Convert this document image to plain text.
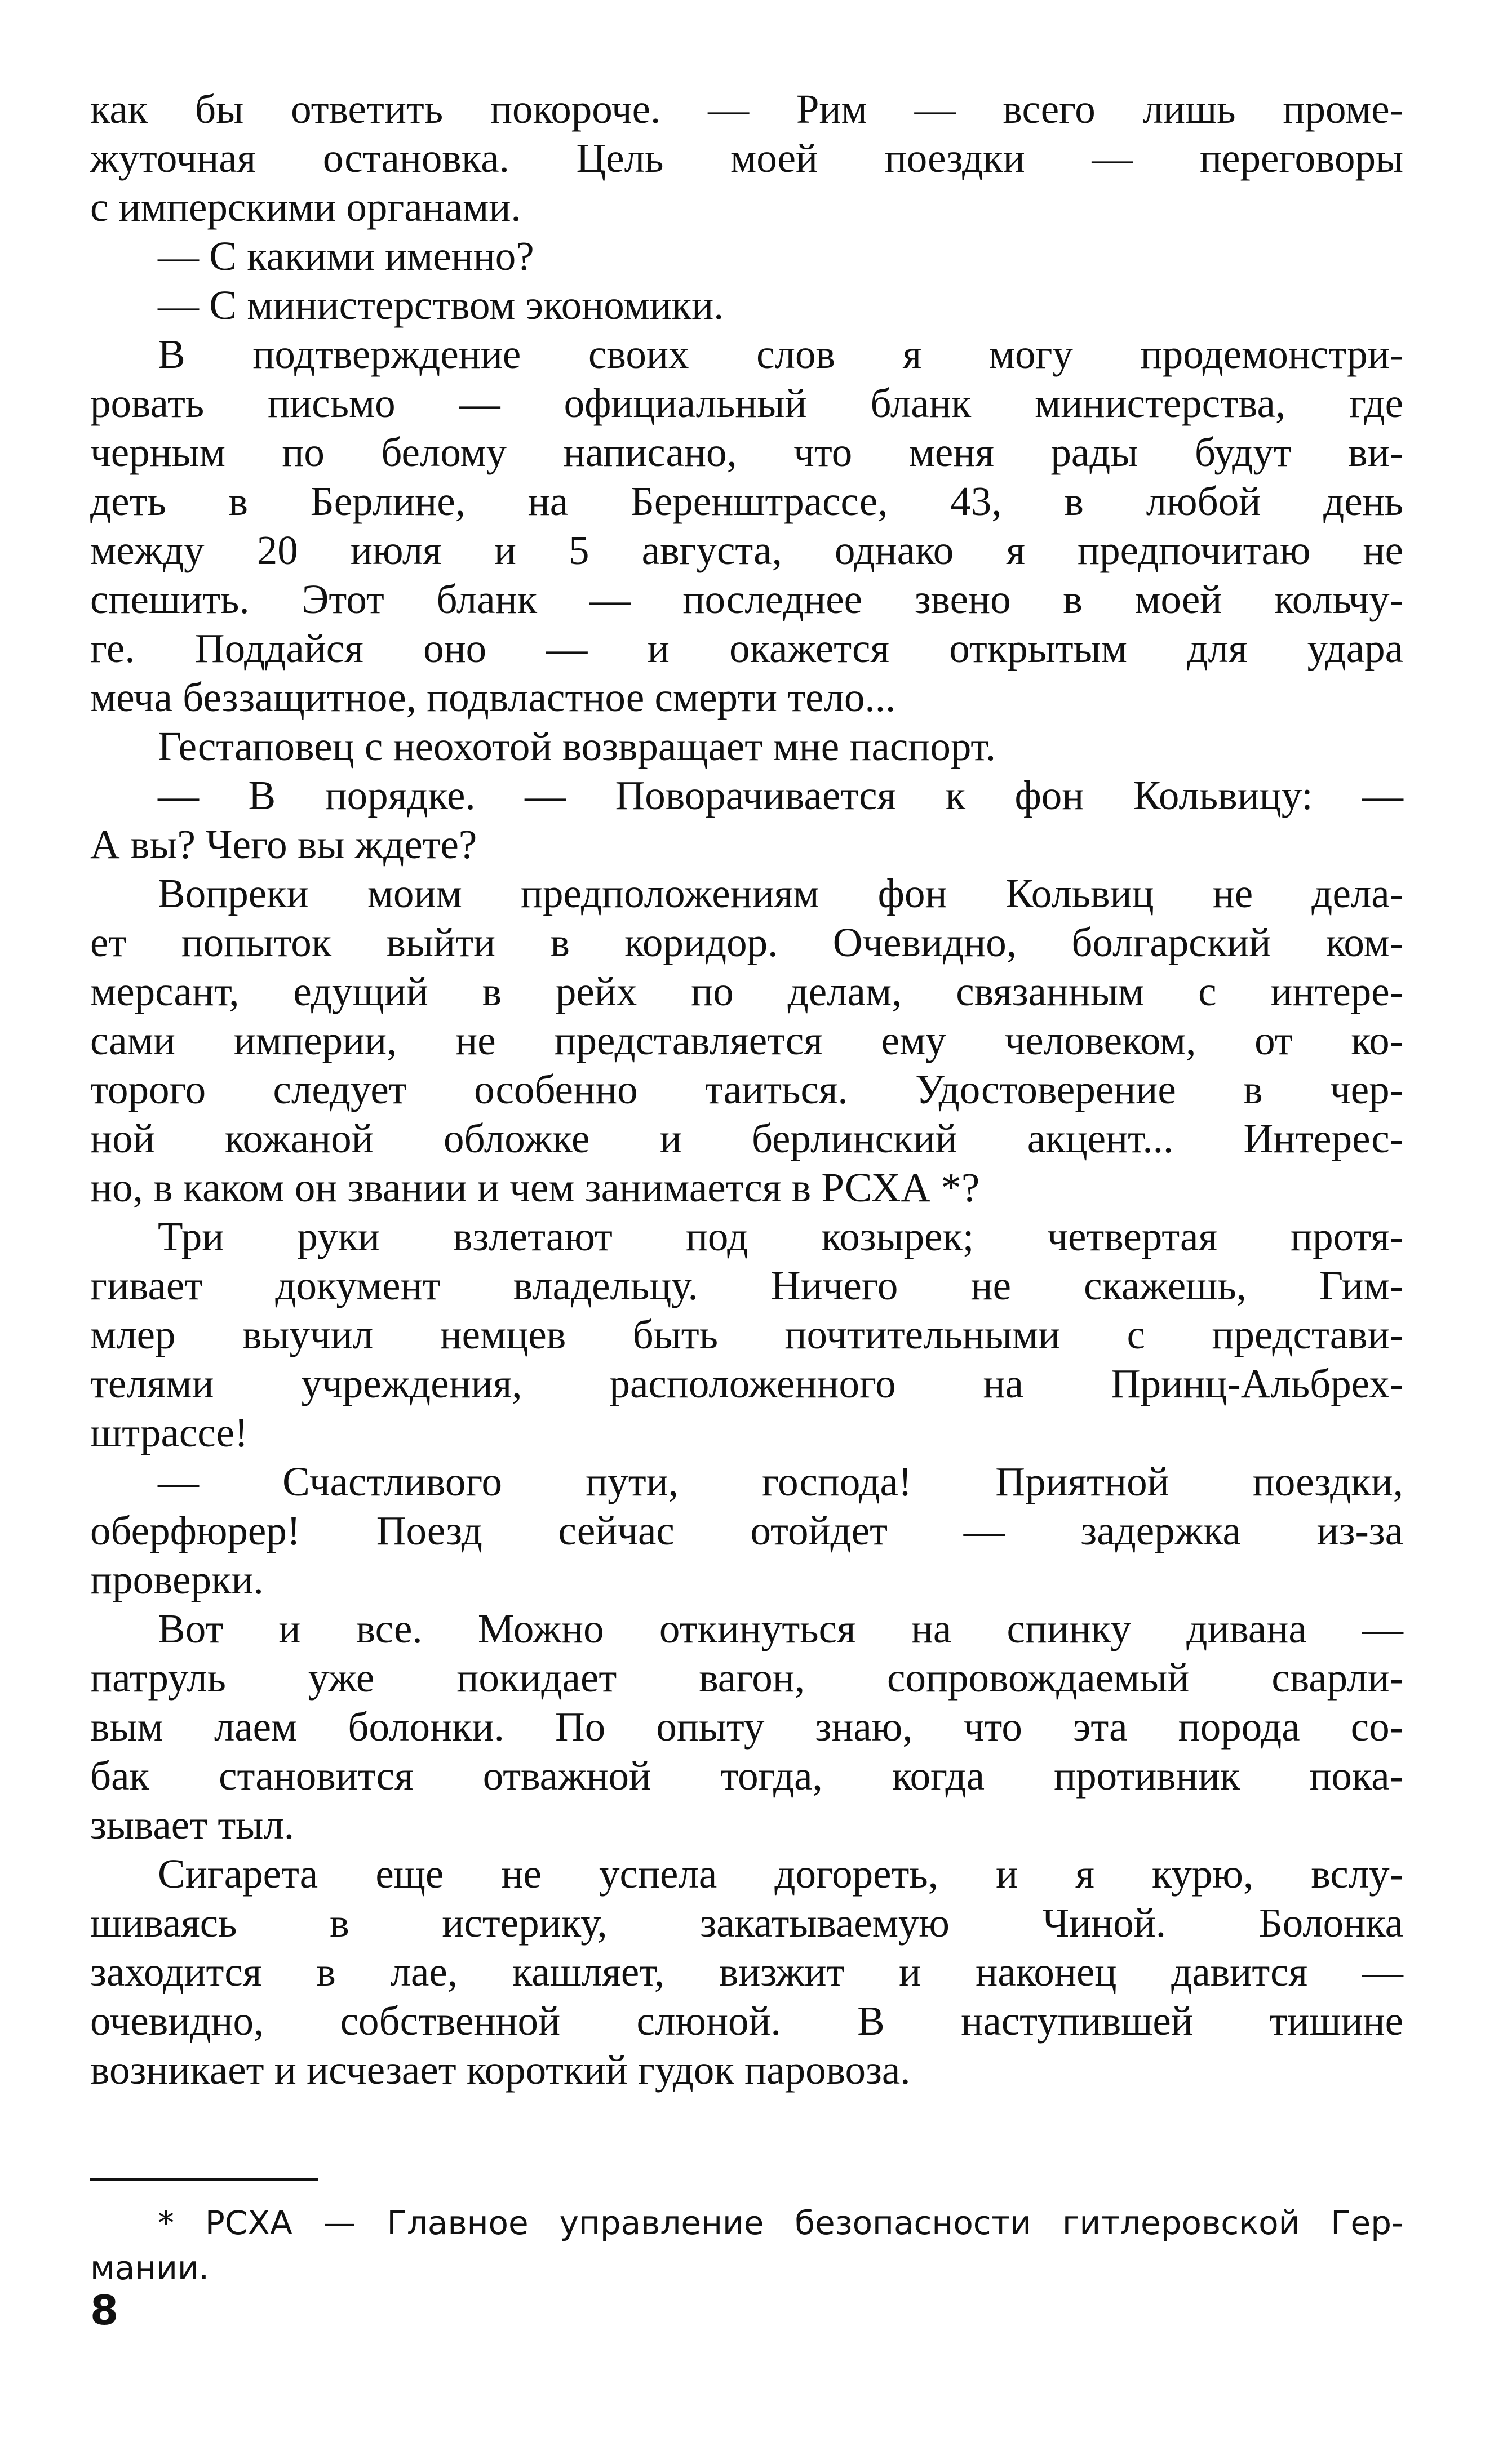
как бы ответить покороче. — Рим — всего лишь проме-
жуточная остановка. Цель моей поездки — переговоры
с имперскими органами.
— С какими именно?
— С министерством экономики.
В подтверждение своих слов я могу продемонстри-
ровать письмо — официальный бланк министерства, где
черным по белому написано, что меня рады будут ви-
деть в Берлине, на Беренштрассе, 43, в любой день
между 20 июля и 5 августа, однако я предпочитаю не
спешить. Этот бланк — последнее звено в моей кольчу-
ге. Поддайся оно — и окажется открытым для удара
меча беззащитное, подвластное смерти тело...
Гестаповец с неохотой возвращает мне паспорт.
— В порядке. — Поворачивается к фон Кольвицу: —
А вы? Чего вы ждете?
Вопреки моим предположениям фон Кольвиц не дела-
ет попыток выйти в коридор. Очевидно, болгарский ком-
мерсант, едущий в рейх по делам, связанным с интере-
сами империи, не представляется ему человеком, от ко-
торого следует особенно таиться. Удостоверение в чер-
ной кожаной обложке и берлинский акцент... Интерес-
но, в каком он звании и чем занимается в РСХА *?
Три руки взлетают под козырек; четвертая протя-
гивает документ владельцу. Ничего не скажешь, Гим-
млер выучил немцев быть почтительными с представи-
телями учреждения, расположенного на Принц-Альбрех-
штрассе!
— Счастливого пути, господа! Приятной поездки,
оберфюрер! Поезд сейчас отойдет — задержка из-за
проверки.
Вот и все. Можно откинуться на спинку дивана —
патруль уже покидает вагон, сопровождаемый сварли-
вым лаем болонки. По опыту знаю, что эта порода со-
бак становится отважной тогда, когда противник пока-
зывает тыл.
Сигарета еще не успела догореть, и я курю, вслу-
шиваясь в истерику, закатываемую Чиной. Болонка
заходится в лае, кашляет, визжит и наконец давится —
очевидно, собственной слюной. В наступившей тишине
возникает и исчезает короткий гудок паровоза.
* РСХА — Главное управление безопасности гитлеровской Гер-
мании.
8
